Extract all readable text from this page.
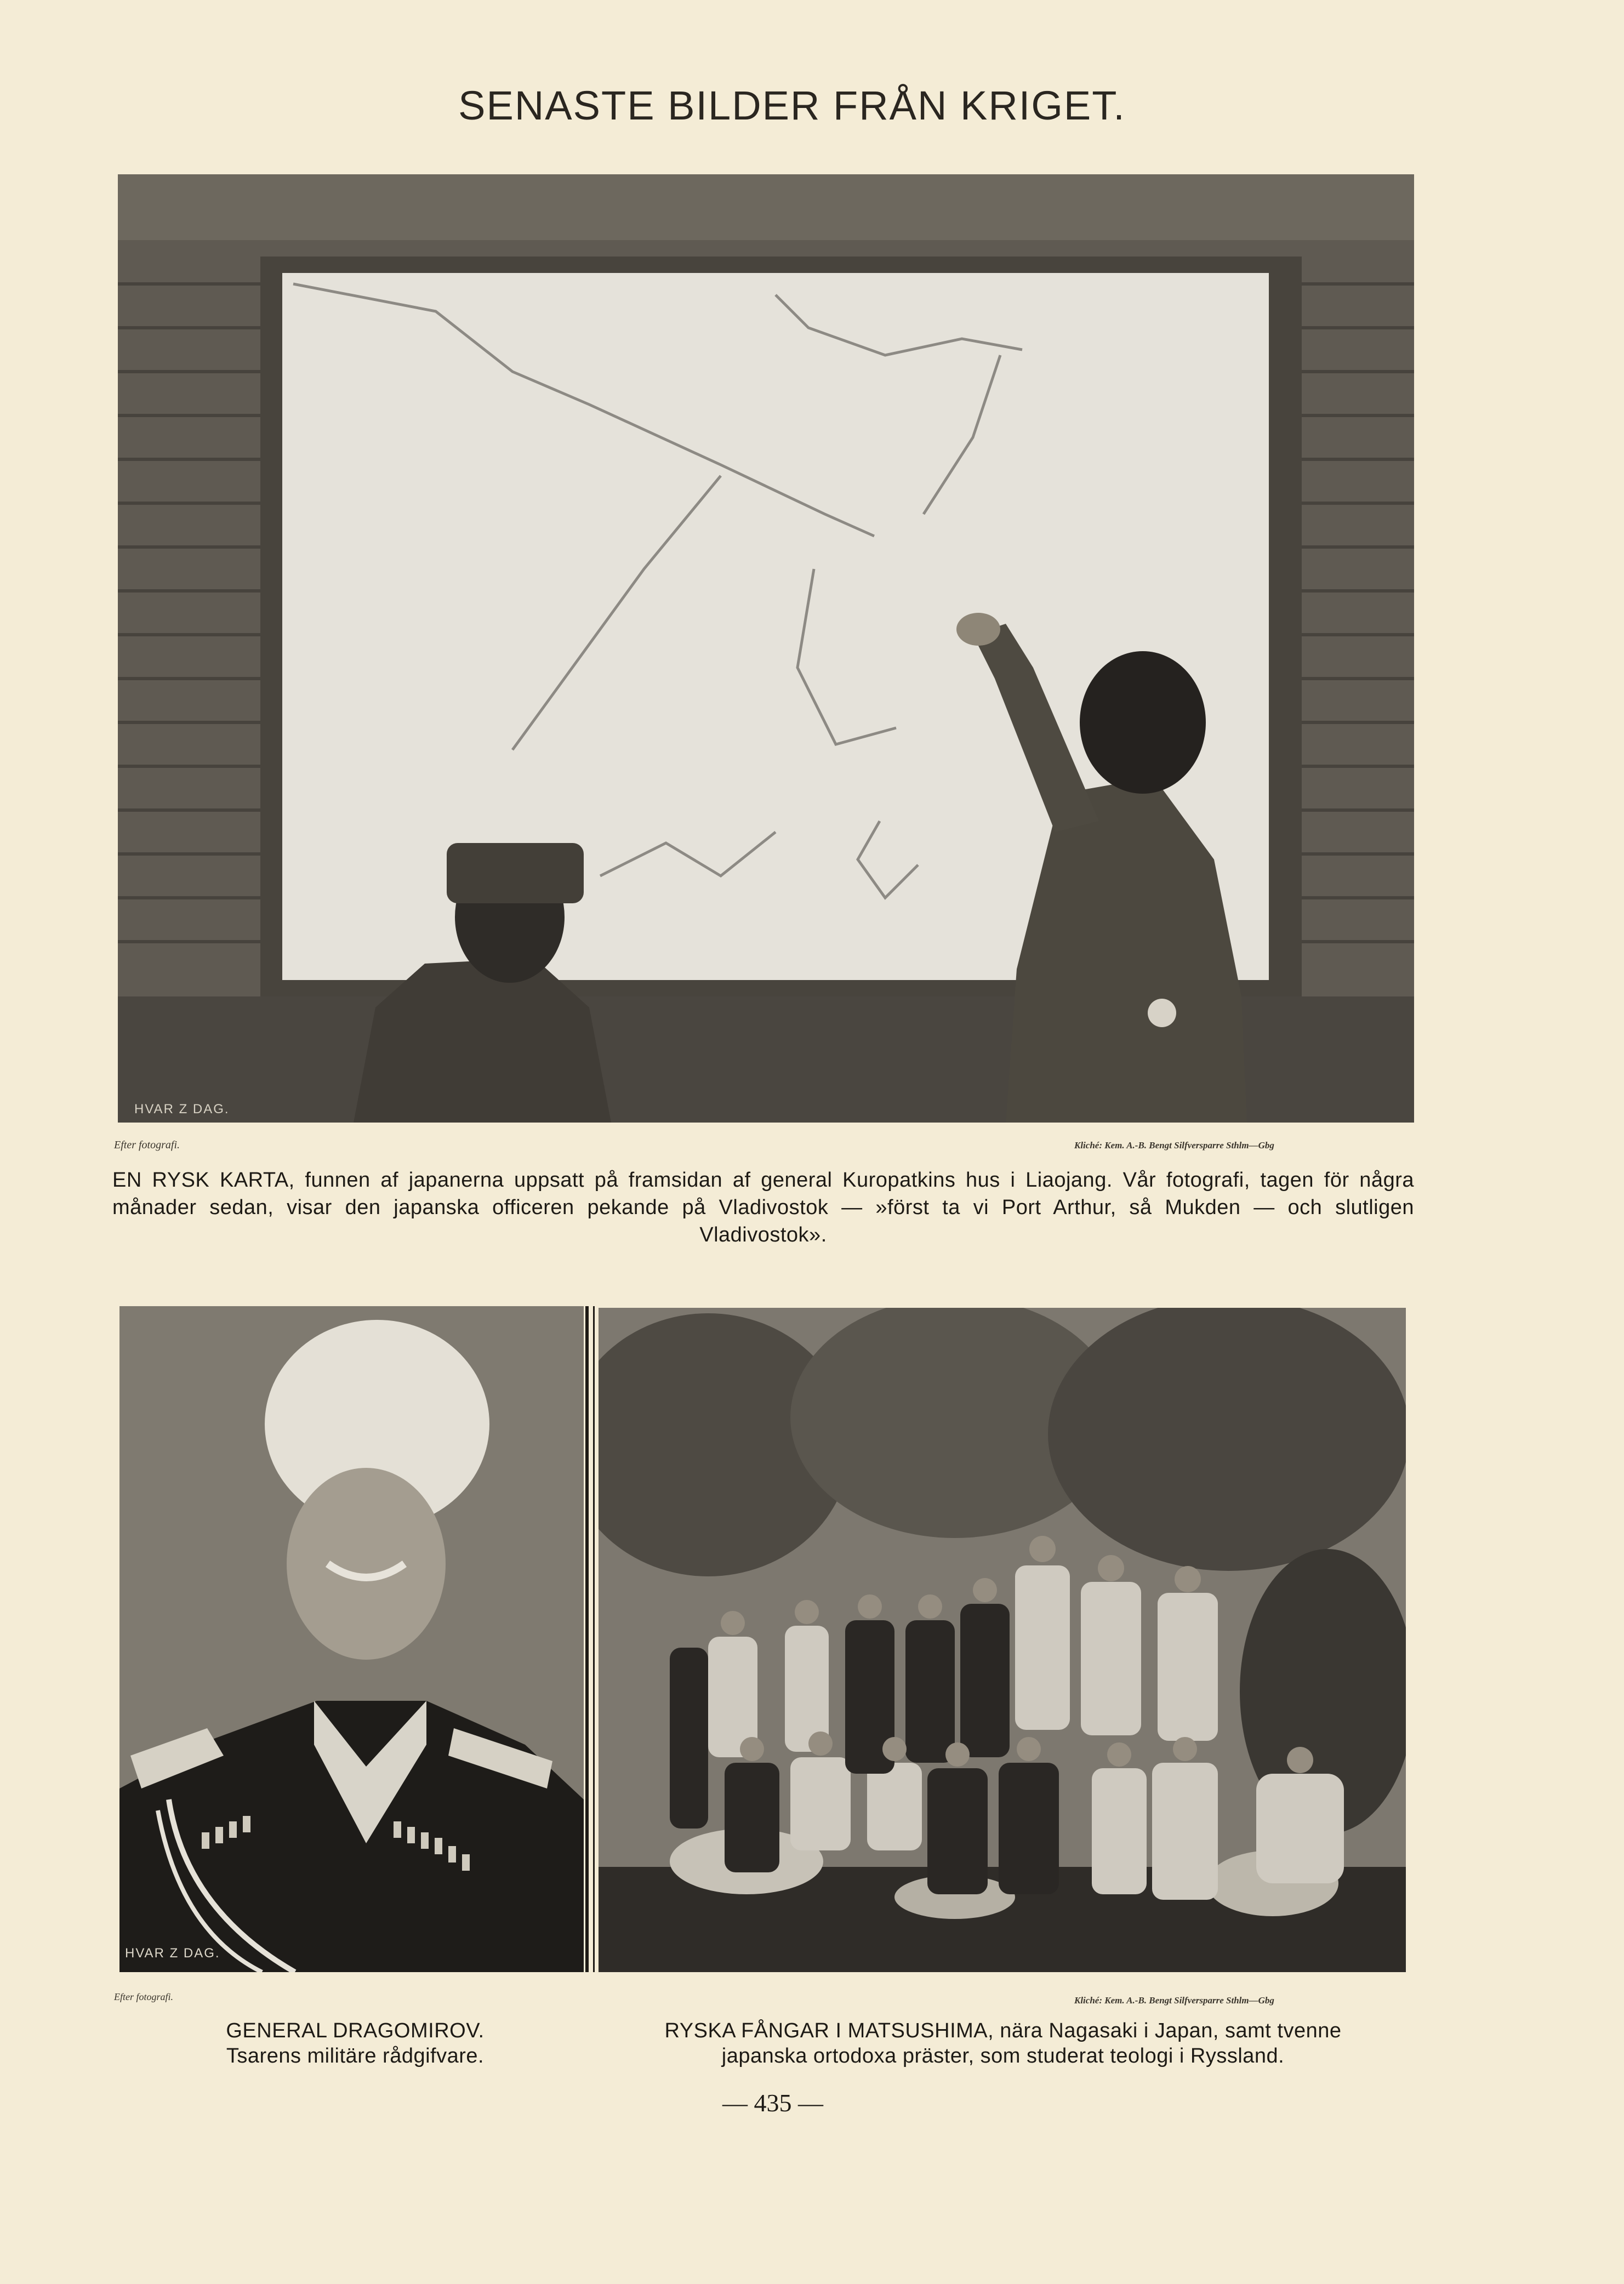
SENASTE BILDER FRÅN KRIGET.
HVAR Z DAG.
Efter fotografi.	Kliché: Kem. A.-B. Bengt Silfversparre Sthlm—Gbg
EN RYSK KARTA, funnen af japanerna uppsatt på framsidan af general Kuropatkins hus i Liaojang. Vår fotografi, tagen för några månader sedan, visar den japanska officeren pekande på Vladivostok — »först ta vi Port Arthur, så Mukden — och slutligen Vladivostok».
HVAR Z DAG.
Efter fotografi.	Kliché: Kem. A.-B. Bengt Silfversparre Sthlm—Gbg
GENERAL DRAGOMIROV.
Tsarens militäre rådgifvare.
RYSKA FÅNGAR I MATSUSHIMA, nära Nagasaki i Japan, samt tvenne
japanska ortodoxa präster, som studerat teologi i Ryssland.
— 435 —
